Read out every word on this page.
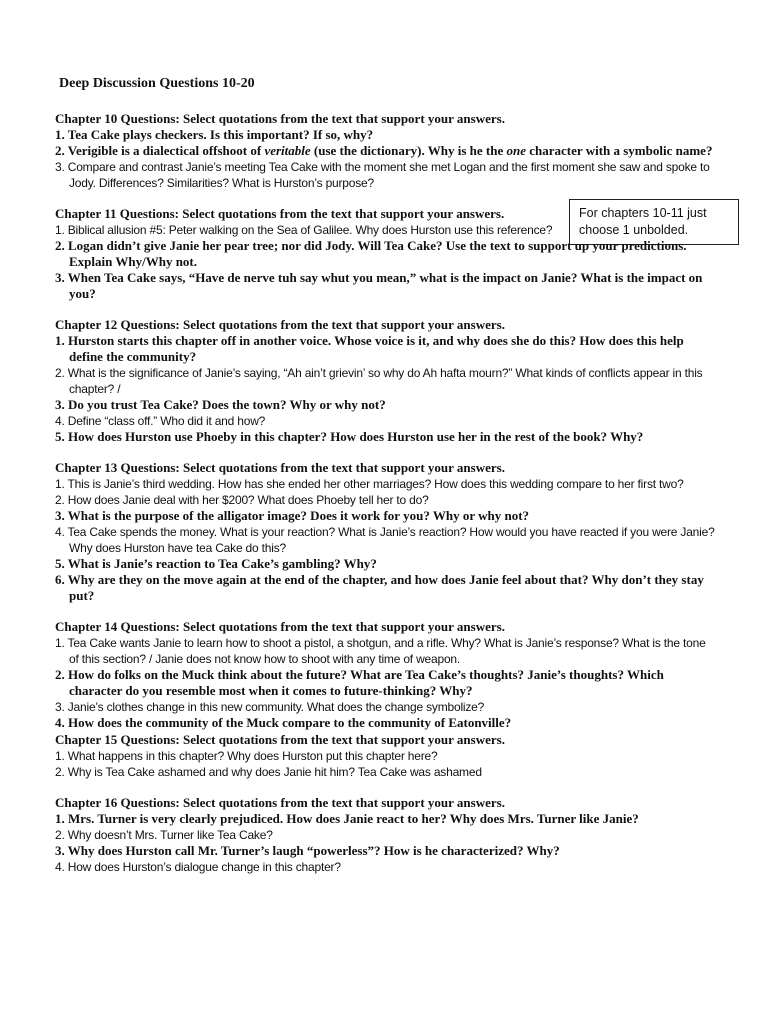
Deep Discussion Questions 10-20
For chapters 10-11 just choose 1 unbolded.
Chapter 10 Questions: Select quotations from the text that support your answers.
1. Tea Cake plays checkers. Is this important? If so, why?
2. Verigible is a dialectical offshoot of veritable (use the dictionary). Why is he the one character with a symbolic name?
3. Compare and contrast Janie’s meeting Tea Cake with the moment she met Logan and the first moment she saw and spoke to Jody. Differences? Similarities? What is Hurston’s purpose?
Chapter 11 Questions: Select quotations from the text that support your answers.
1. Biblical allusion #5: Peter walking on the Sea of Galilee. Why does Hurston use this reference?
2. Logan didn’t give Janie her pear tree; nor did Jody. Will Tea Cake? Use the text to support up your predictions. Explain Why/Why not.
3. When Tea Cake says, “Have de nerve tuh say whut you mean,” what is the impact on Janie? What is the impact on you?
Chapter 12 Questions: Select quotations from the text that support your answers.
1. Hurston starts this chapter off in another voice. Whose voice is it, and why does she do this? How does this help define the community?
2. What is the significance of Janie’s saying, “Ah ain’t grievin’ so why do Ah hafta mourn?” What kinds of conflicts appear in this chapter? /
3. Do you trust Tea Cake? Does the town? Why or why not?
4. Define “class off.” Who did it and how?
5. How does Hurston use Phoeby in this chapter? How does Hurston use her in the rest of the book? Why?
Chapter 13 Questions: Select quotations from the text that support your answers.
1. This is Janie’s third wedding. How has she ended her other marriages? How does this wedding compare to her first two?
2. How does Janie deal with her $200? What does Phoeby tell her to do?
3. What is the purpose of the alligator image? Does it work for you? Why or why not?
4. Tea Cake spends the money. What is your reaction? What is Janie’s reaction? How would you have reacted if you were Janie? Why does Hurston have tea Cake do this?
5. What is Janie’s reaction to Tea Cake’s gambling? Why?
6. Why are they on the move again at the end of the chapter, and how does Janie feel about that? Why don’t they stay put?
Chapter 14 Questions: Select quotations from the text that support your answers.
1. Tea Cake wants Janie to learn how to shoot a pistol, a shotgun, and a rifle. Why? What is Janie’s response? What is the tone of this section? / Janie does not know how to shoot with any time of weapon.
2. How do folks on the Muck think about the future? What are Tea Cake’s thoughts? Janie’s thoughts? Which character do you resemble most when it comes to future-thinking? Why?
3. Janie’s clothes change in this new community. What does the change symbolize?
4. How does the community of the Muck compare to the community of Eatonville?
Chapter 15 Questions: Select quotations from the text that support your answers.
1. What happens in this chapter? Why does Hurston put this chapter here?
2. Why is Tea Cake ashamed and why does Janie hit him? Tea Cake was ashamed
Chapter 16 Questions: Select quotations from the text that support your answers.
1. Mrs. Turner is very clearly prejudiced. How does Janie react to her? Why does Mrs. Turner like Janie?
2. Why doesn’t Mrs. Turner like Tea Cake?
3. Why does Hurston call Mr. Turner’s laugh “powerless”? How is he characterized? Why?
4. How does Hurston’s dialogue change in this chapter?
